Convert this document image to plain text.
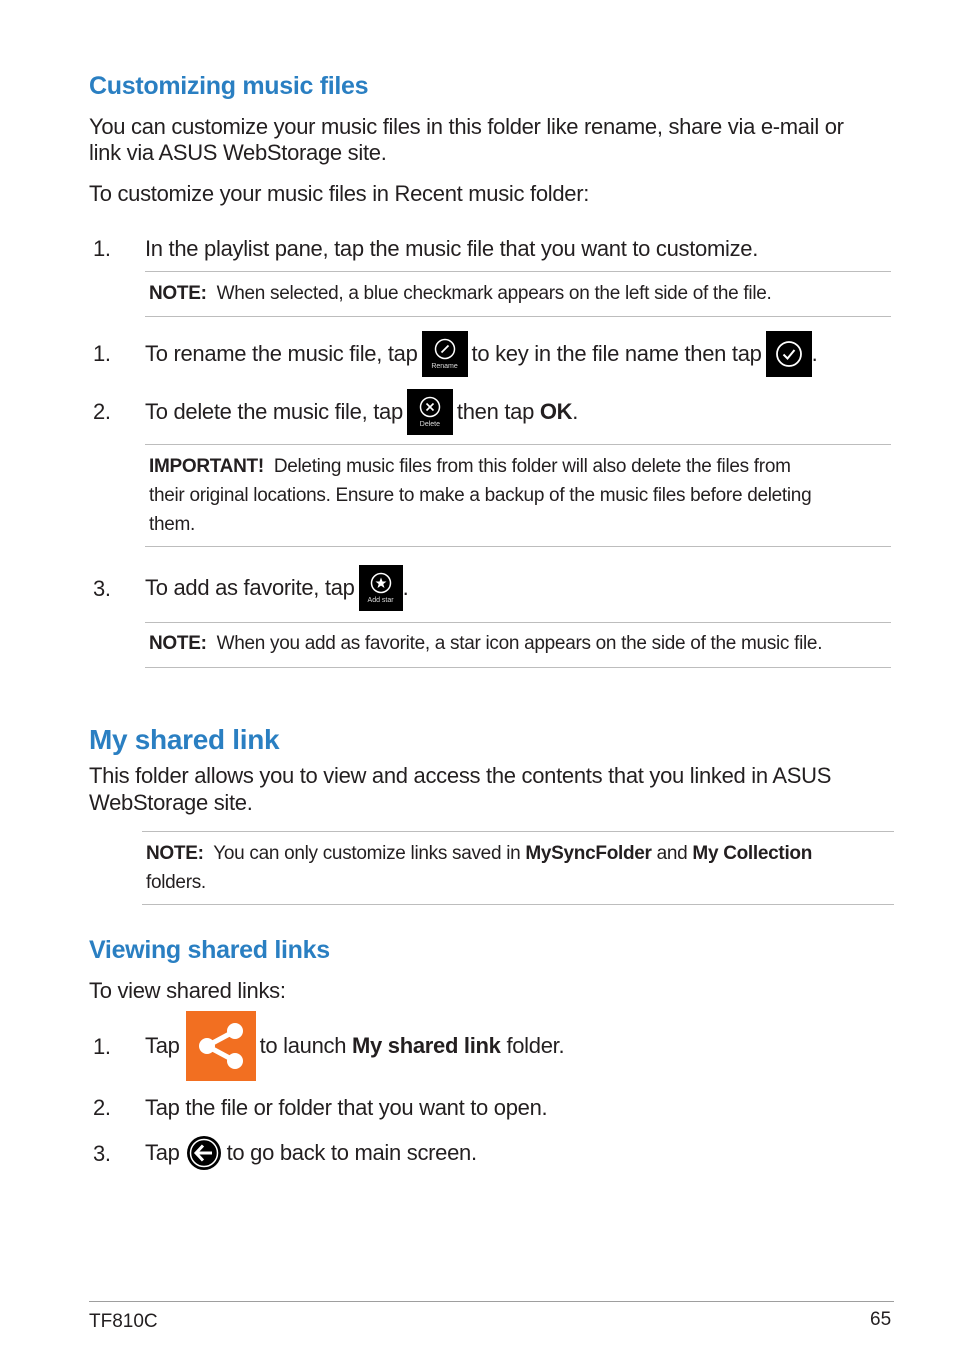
Customizing music files
You can customize your music files in this folder like rename, share via e-mail or
link via ASUS WebStorage site.
To customize your music files in Recent music folder:
1. In the playlist pane, tap the music file that you want to customize.
NOTE: When selected, a blue checkmark appears on the left side of the file.
1. To rename the music file, tap
Rename
to key in the file name then tap .
2. To delete the music file, tap
Delete
then tap
OK .
IMPORTANT! Deleting music files from this folder will also delete the files from
their original locations. Ensure to make a backup of the music files before deleting
them.
3. To add as favorite, tap
Add star
.
NOTE: When you add as favorite, a star icon appears on the side of the music file.
My shared link
This folder allows you to view and access the contents that you linked in ASUS
WebStorage site.
NOTE: You can only customize links saved in MySyncFolder and My Collection
folders.
Viewing shared links
To view shared links:
1. Tap	to launch
My shared link
folder.
2. Tap the file or folder that you want to open.
3. Tap to go back to main screen.
TF810C	65
